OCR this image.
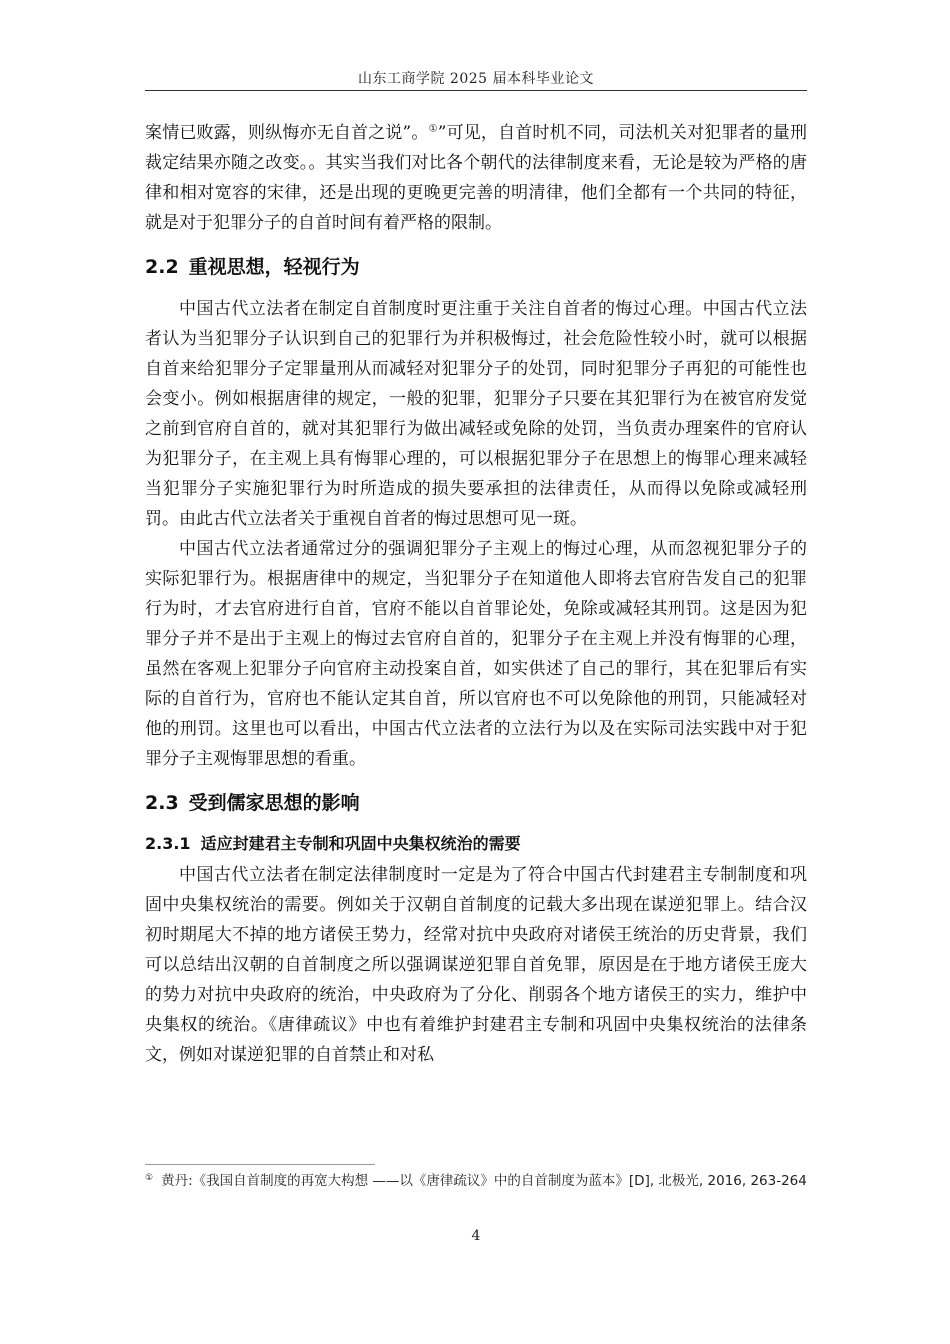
山东工商学院 2025 届本科毕业论文

案情已败露，则纵悔亦无自首之说”。①”可见，自首时机不同，司法机关对犯罪者的量刑裁定结果亦随之改变。。其实当我们对比各个朝代的法律制度来看，无论是较为严格的唐律和相对宽容的宋律，还是出现的更晚更完善的明清律，他们全都有一个共同的特征，就是对于犯罪分子的自首时间有着严格的限制。

2.2 重视思想，轻视行为

中国古代立法者在制定自首制度时更注重于关注自首者的悔过心理。中国古代立法者认为当犯罪分子认识到自己的犯罪行为并积极悔过，社会危险性较小时，就可以根据自首来给犯罪分子定罪量刑从而减轻对犯罪分子的处罚，同时犯罪分子再犯的可能性也会变小。例如根据唐律的规定，一般的犯罪，犯罪分子只要在其犯罪行为在被官府发觉之前到官府自首的，就对其犯罪行为做出减轻或免除的处罚，当负责办理案件的官府认为犯罪分子，在主观上具有悔罪心理的，可以根据犯罪分子在思想上的悔罪心理来减轻当犯罪分子实施犯罪行为时所造成的损失要承担的法律责任，从而得以免除或减轻刑罚。由此古代立法者关于重视自首者的悔过思想可见一斑。

中国古代立法者通常过分的强调犯罪分子主观上的悔过心理，从而忽视犯罪分子的实际犯罪行为。根据唐律中的规定，当犯罪分子在知道他人即将去官府告发自己的犯罪行为时，才去官府进行自首，官府不能以自首罪论处，免除或减轻其刑罚。这是因为犯罪分子并不是出于主观上的悔过去官府自首的，犯罪分子在主观上并没有悔罪的心理，虽然在客观上犯罪分子向官府主动投案自首，如实供述了自己的罪行，其在犯罪后有实际的自首行为，官府也不能认定其自首，所以官府也不可以免除他的刑罚，只能减轻对他的刑罚。这里也可以看出，中国古代立法者的立法行为以及在实际司法实践中对于犯罪分子主观悔罪思想的看重。

2.3 受到儒家思想的影响
2.3.1 适应封建君主专制和巩固中央集权统治的需要

中国古代立法者在制定法律制度时一定是为了符合中国古代封建君主专制制度和巩固中央集权统治的需要。例如关于汉朝自首制度的记载大多出现在谋逆犯罪上。结合汉初时期尾大不掉的地方诸侯王势力，经常对抗中央政府对诸侯王统治的历史背景，我们可以总结出汉朝的自首制度之所以强调谋逆犯罪自首免罪，原因是在于地方诸侯王庞大的势力对抗中央政府的统治，中央政府为了分化、削弱各个地方诸侯王的实力，维护中央集权的统治。《唐律疏议》中也有着维护封建君主专制和巩固中央集权统治的法律条文，例如对谋逆犯罪的自首禁止和对私

① 黄丹:《我国自首制度的再宽大构想 ——以《唐律疏议》中的自首制度为蓝本》[D], 北极光, 2016, 263-264
4
